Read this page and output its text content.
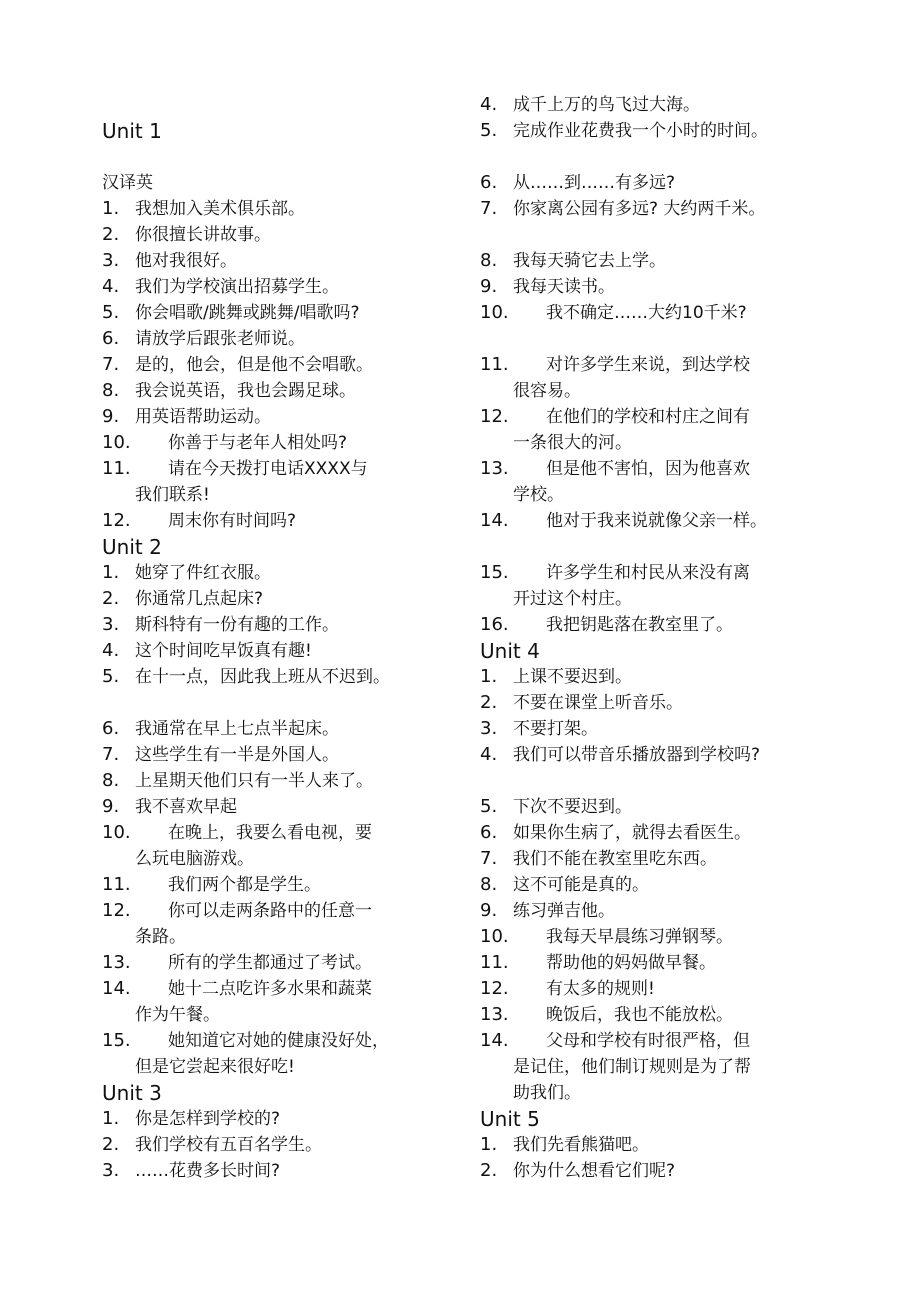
Unit 1
汉译英
1. 我想加入美术俱乐部。
2. 你很擅长讲故事。
3. 他对我很好。
4. 我们为学校演出招募学生。
5. 你会唱歌/跳舞或跳舞/唱歌吗?
6. 请放学后跟张老师说。
7. 是的，他会，但是他不会唱歌。
8. 我会说英语，我也会踢足球。
9. 用英语帮助运动。
10.	你善于与老年人相处吗?
11.	请在今天拨打电话XXXX与
我们联系!
12.	周末你有时间吗?
Unit 2
1. 她穿了件红衣服。
2. 你通常几点起床?
3. 斯科特有一份有趣的工作。
4. 这个时间吃早饭真有趣!
5. 在十一点，因此我上班从不迟到。
6. 我通常在早上七点半起床。
7. 这些学生有一半是外国人。
8. 上星期天他们只有一半人来了。
9. 我不喜欢早起
10.	在晚上，我要么看电视，要
么玩电脑游戏。
11.	我们两个都是学生。
12.	你可以走两条路中的任意一
条路。
13.	所有的学生都通过了考试。
14.	她十二点吃许多水果和蔬菜
作为午餐。
15.	她知道它对她的健康没好处，
但是它尝起来很好吃!
Unit 3
1. 你是怎样到学校的?
2. 我们学校有五百名学生。
3. ……花费多长时间?
4. 成千上万的鸟飞过大海。
5. 完成作业花费我一个小时的时间。
6. 从……到……有多远?
7. 你家离公园有多远? 大约两千米。
8. 我每天骑它去上学。
9. 我每天读书。
10.	我不确定……大约10千米?
11.	对许多学生来说，到达学校
很容易。
12.	在他们的学校和村庄之间有
一条很大的河。
13.	但是他不害怕，因为他喜欢
学校。
14.	他对于我来说就像父亲一样。
15.	许多学生和村民从来没有离
开过这个村庄。
16.	我把钥匙落在教室里了。
Unit 4
1. 上课不要迟到。
2. 不要在课堂上听音乐。
3. 不要打架。
4. 我们可以带音乐播放器到学校吗?
5. 下次不要迟到。
6. 如果你生病了，就得去看医生。
7. 我们不能在教室里吃东西。
8. 这不可能是真的。
9. 练习弹吉他。
10.	我每天早晨练习弹钢琴。
11.	帮助他的妈妈做早餐。
12.	有太多的规则!
13.	晚饭后，我也不能放松。
14.	父母和学校有时很严格，但
是记住，他们制订规则是为了帮
助我们。
Unit 5
1. 我们先看熊猫吧。
2. 你为什么想看它们呢?
